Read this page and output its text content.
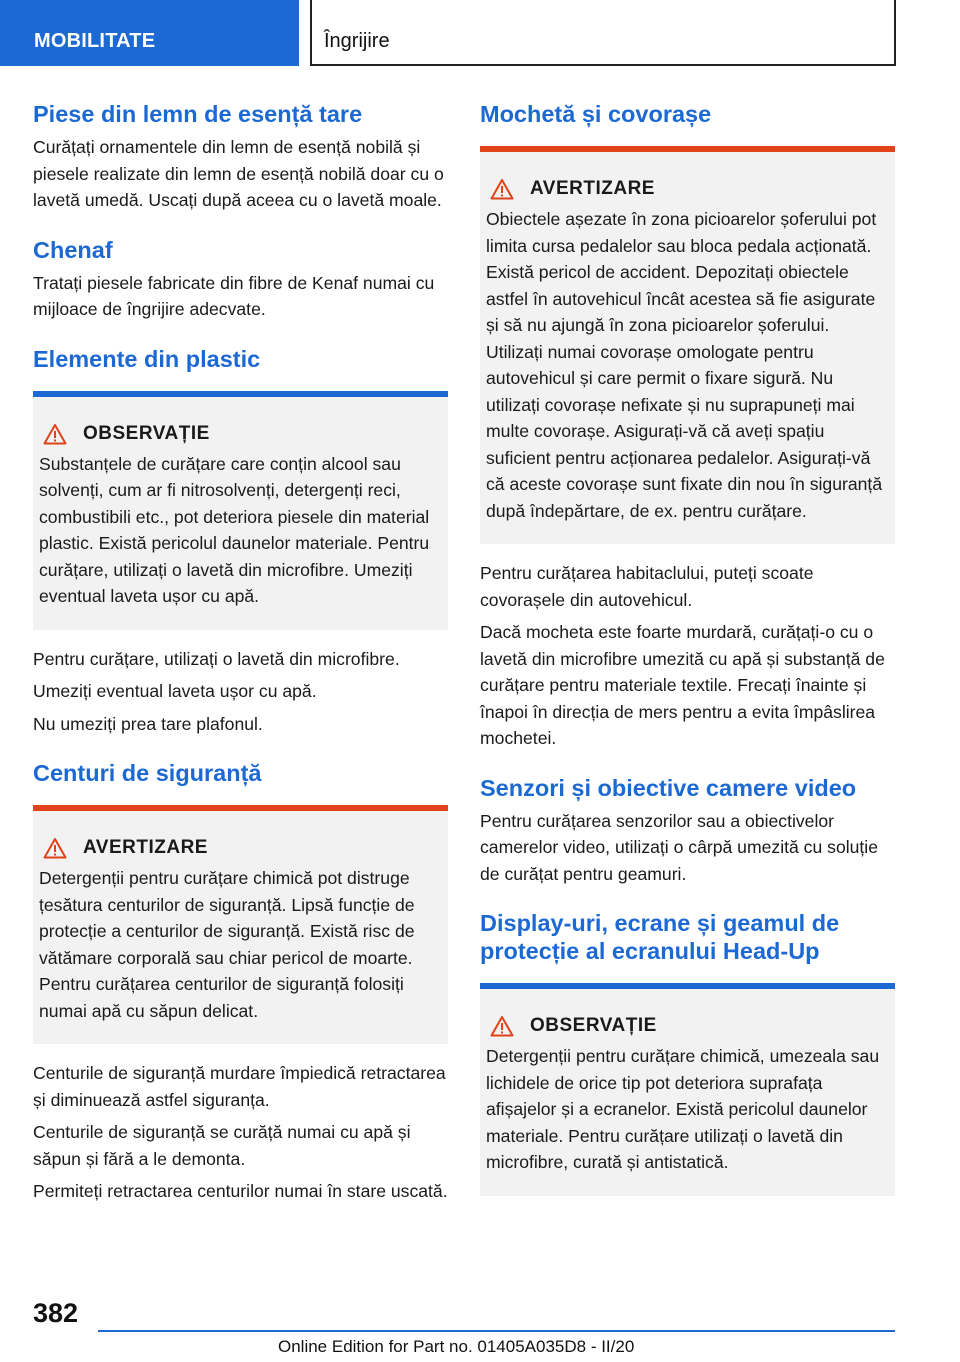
MOBILITATE	Îngrijire
Piese din lemn de esență tare

Curățați ornamentele din lemn de esență nobilă și piesele realizate din lemn de esență nobilă doar cu o lavetă umedă. Uscați după aceea cu o lavetă moale.

Chenaf

Tratați piesele fabricate din fibre de Kenaf numai cu mijloace de îngrijire adecvate.

Elemente din plastic
OBSERVAȚIE

Substanțele de curățare care conțin alcool sau solvenți, cum ar fi nitrosolvenți, detergenți reci, combustibili etc., pot deteriora piesele din material plastic. Există pericolul daunelor materiale. Pentru curățare, utilizați o lavetă din microfibre. Umeziți eventual laveta ușor cu apă.

Pentru curățare, utilizați o lavetă din microfibre.

Umeziți eventual laveta ușor cu apă.

Nu umeziți prea tare plafonul.

Centuri de siguranță
AVERTIZARE

Detergenții pentru curățare chimică pot distruge țesătura centurilor de siguranță. Lipsă funcție de protecție a centurilor de siguranță. Există risc de vătămare corporală sau chiar pericol de moarte. Pentru curățarea centurilor de siguranță folosiți numai apă cu săpun delicat.

Centurile de siguranță murdare împiedică retractarea și diminuează astfel siguranța.

Centurile de siguranță se curăță numai cu apă și săpun și fără a le demonta.

Permiteți retractarea centurilor numai în stare uscată.

Mochetă și covorașe
AVERTIZARE

Obiectele așezate în zona picioarelor șoferului pot limita cursa pedalelor sau bloca pedala acționată. Există pericol de accident. Depozitați obiectele astfel în autovehicul încât acestea să fie asigurate și să nu ajungă în zona picioarelor șoferului. Utilizați numai covorașe omologate pentru autovehicul și care permit o fixare sigură. Nu utilizați covorașe nefixate și nu suprapuneți mai multe covorașe. Asigurați-vă că aveți spațiu suficient pentru acționarea pedalelor. Asigurați-vă că aceste covorașe sunt fixate din nou în siguranță după îndepărtare, de ex. pentru curățare.

Pentru curățarea habitaclului, puteți scoate covorașele din autovehicul.

Dacă mocheta este foarte murdară, curățați-o cu o lavetă din microfibre umezită cu apă și substanță de curățare pentru materiale textile. Frecați înainte și înapoi în direcția de mers pentru a evita împâslirea mochetei.

Senzori și obiective camere video

Pentru curățarea senzorilor sau a obiectivelor camerelor video, utilizați o cârpă umezită cu soluție de curățat pentru geamuri.

Display-uri, ecrane și geamul de protecție al ecranului Head-Up
OBSERVAȚIE

Detergenții pentru curățare chimică, umezeala sau lichidele de orice tip pot deteriora suprafața afișajelor și a ecranelor. Există pericolul daunelor materiale. Pentru curățare utilizați o lavetă din microfibre, curată și antistatică.

382
Online Edition for Part no. 01405A035D8 - II/20
